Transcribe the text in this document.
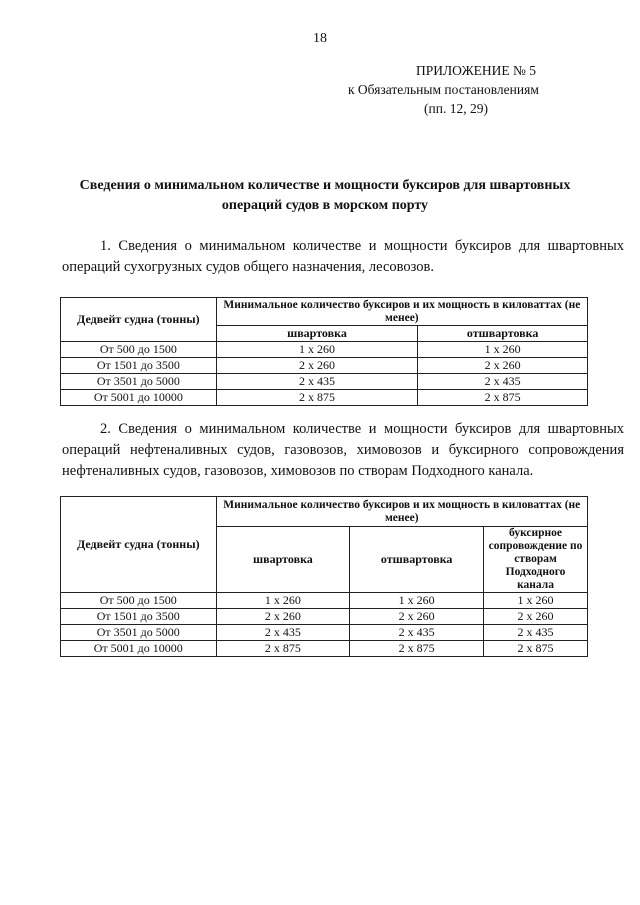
18
ПРИЛОЖЕНИЕ № 5
к Обязательным постановлениям
(пп. 12, 29)
Сведения о минимальном количестве и мощности буксиров для швартовных операций судов в морском порту
1. Сведения о минимальном количестве и мощности буксиров для швартовных операций сухогрузных судов общего назначения, лесовозов.
Дедвейт судна (тонны)	Минимальное количество буксиров и их мощность в киловаттах (не менее)	
	швартовка	отшвартовка
От 500 до 1500	1 x 260	1 x 260
От 1501 до 3500	2 x 260	2 x 260
От 3501 до 5000	2 x 435	2 x 435
От 5001 до 10000	2 x 875	2 x 875
2. Сведения о минимальном количестве и мощности буксиров для швартовных операций нефтеналивных судов, газовозов, химовозов и буксирного сопровождения нефтеналивных судов, газовозов, химовозов по створам Подходного канала.
Дедвейт судна (тонны)	Минимальное количество буксиров и их мощность в киловаттах (не менее)		
	швартовка	отшвартовка	буксирное сопровождение по створам Подходного канала
От 500 до 1500	1 x 260	1 x 260	1 x 260
От 1501 до 3500	2 x 260	2 x 260	2 x 260
От 3501 до 5000	2 x 435	2 x 435	2 x 435
От 5001 до 10000	2 x 875	2 x 875	2 x 875
